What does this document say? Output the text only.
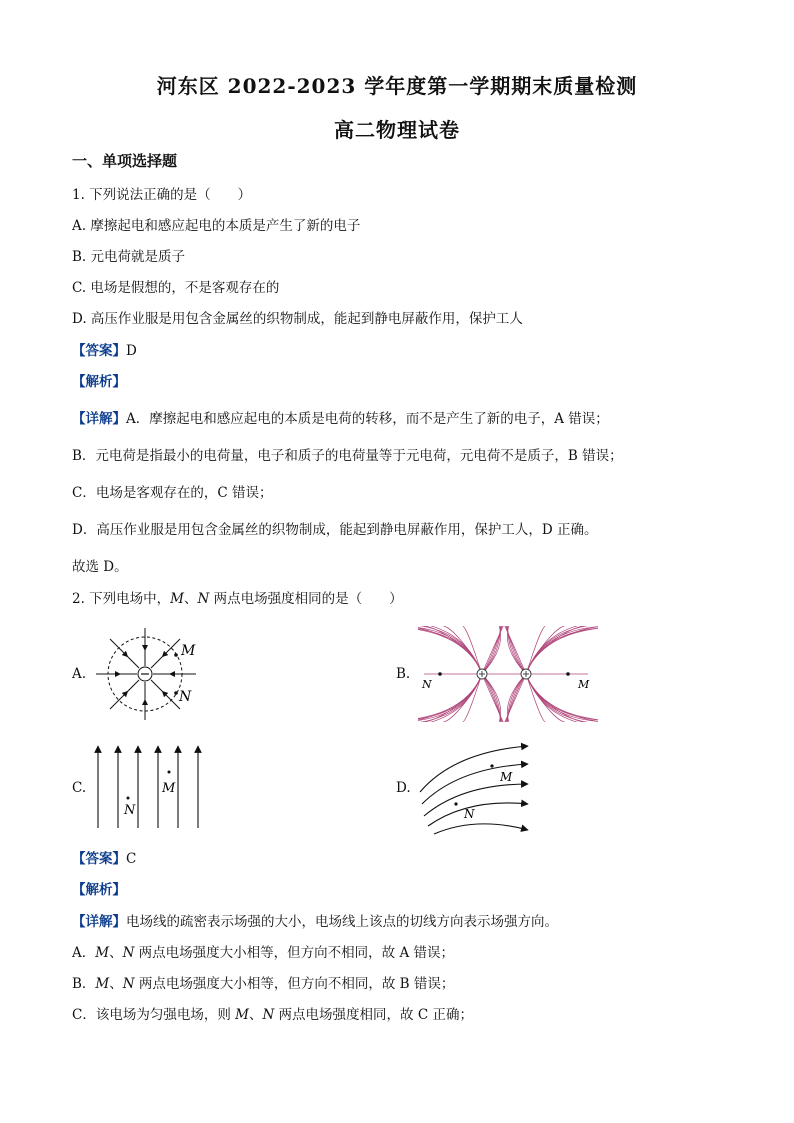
河东区 2022-2023 学年度第一学期期末质量检测
高二物理试卷
一、单项选择题
1. 下列说法正确的是（　　）
A. 摩擦起电和感应起电的本质是产生了新的电子
B. 元电荷就是质子
C. 电场是假想的，不是客观存在的
D. 高压作业服是用包含金属丝的织物制成，能起到静电屏蔽作用，保护工人
【答案】D
【解析】
【详解】A．摩擦起电和感应起电的本质是电荷的转移，而不是产生了新的电子，A 错误；
B．元电荷是指最小的电荷量，电子和质子的电荷量等于元电荷，元电荷不是质子，B 错误；
C．电场是客观存在的，C 错误；
D．高压作业服是用包含金属丝的织物制成，能起到静电屏蔽作用，保护工人，D 正确。
故选 D。
2. 下列电场中，M、N 两点电场强度相同的是（　　）
A.	B.
C.	D.
M
N
N	M
N
M
M
N
【答案】C
【解析】
【详解】电场线的疏密表示场强的大小，电场线上该点的切线方向表示场强方向。
A．M、N 两点电场强度大小相等，但方向不相同，故 A 错误；
B．M、N 两点电场强度大小相等，但方向不相同，故 B 错误；
C．该电场为匀强电场，则 M、N 两点电场强度相同，故 C 正确；
